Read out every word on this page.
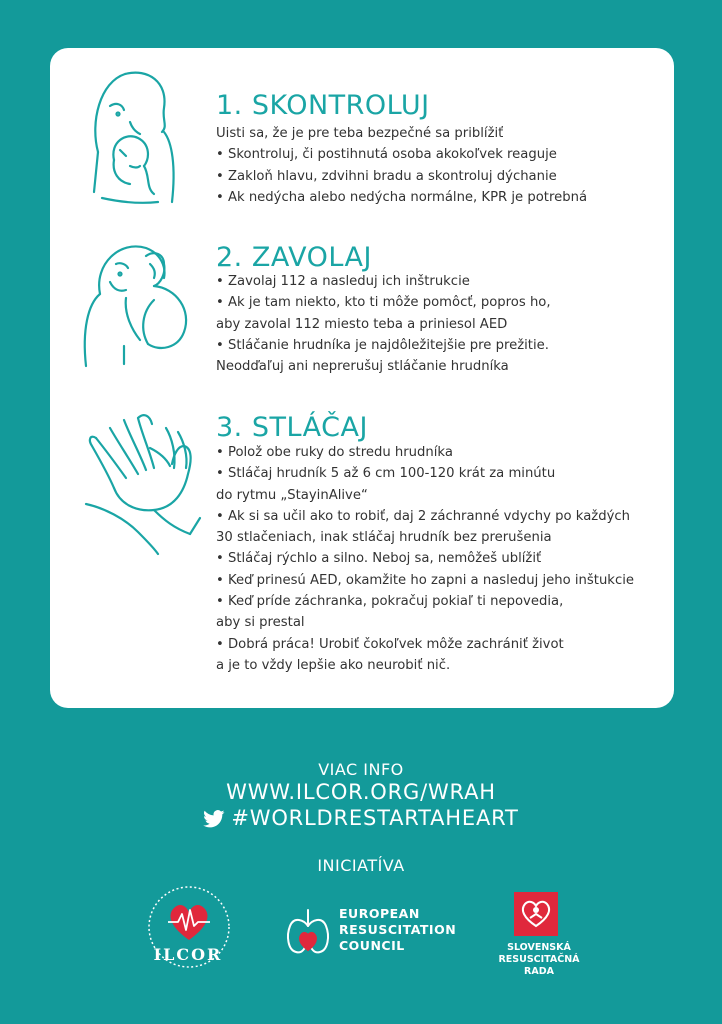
1. SKONTROLUJ
Uisti sa, že je pre teba bezpečné sa priblížiť
• Skontroluj, či postihnutá osoba akokoľvek reaguje
• Zakloň hlavu, zdvihni bradu a skontroluj dýchanie
• Ak nedýcha alebo nedýcha normálne, KPR je potrebná
2. ZAVOLAJ
• Zavolaj 112 a nasleduj ich inštrukcie
• Ak je tam niekto, kto ti môže pomôcť, popros ho,
aby zavolal 112 miesto teba a priniesol AED
• Stláčanie hrudníka je najdôležitejšie pre prežitie.
Neodďaľuj ani neprerušuj stláčanie hrudníka
3. STLÁČAJ
• Polož obe ruky do stredu hrudníka
• Stláčaj hrudník 5 až 6 cm 100-120 krát za minútu
do rytmu „StayinAlive“
• Ak si sa učil ako to robiť, daj 2 záchranné vdychy po každých
30 stlačeniach, inak stláčaj hrudník bez prerušenia
• Stláčaj rýchlo a silno. Neboj sa, nemôžeš ublížiť
• Keď prinesú AED, okamžite ho zapni a nasleduj jeho inštukcie
• Keď príde záchranka, pokračuj pokiaľ ti nepovedia,
aby si prestal
• Dobrá práca! Urobiť čokoľvek môže zachrániť život
a je to vždy lepšie ako neurobiť nič.
VIAC INFO
WWW.ILCOR.ORG/WRAH
#WORLDRESTARTAHEART
INICIATÍVA
ILCOR
EUROPEAN
RESUSCITATION
COUNCIL	SLOVENSKÁ
RESUSCITAČNÁ
RADA
